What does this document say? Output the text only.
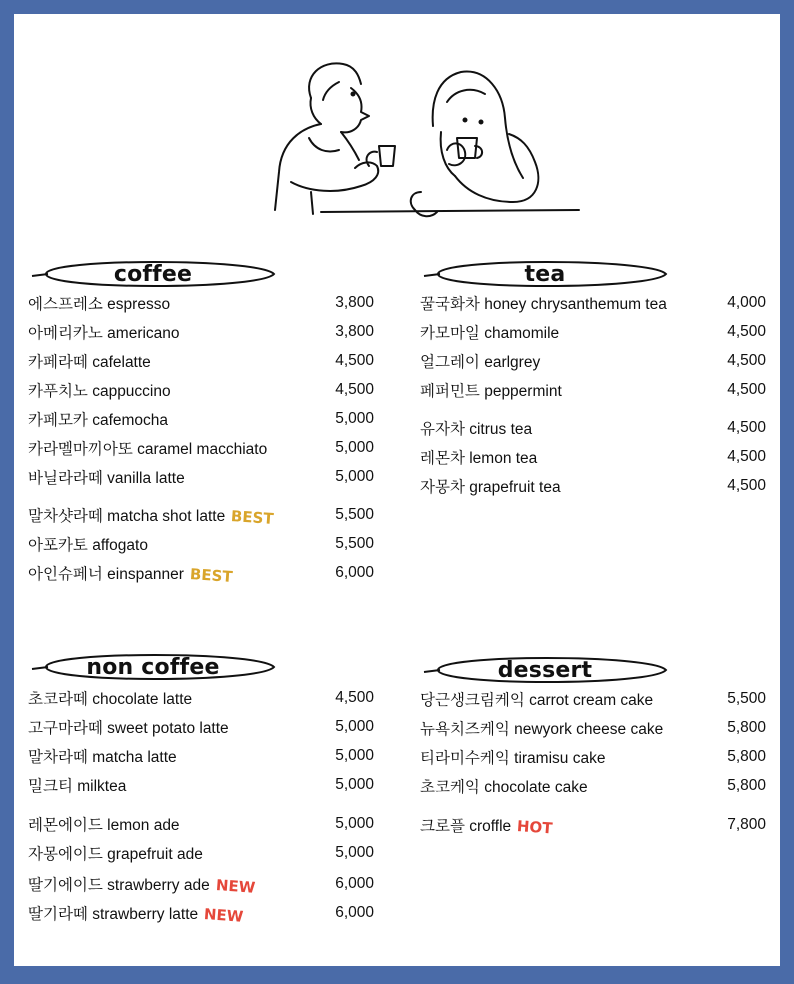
coffee
에스프레소 espresso	3,800
아메리카노 americano	3,800
카페라떼 cafelatte	4,500
카푸치노 cappuccino	4,500
카페모카 cafemocha	5,000
카라멜마끼아또 caramel macchiato	5,000
바닐라라떼 vanilla latte	5,000
말차샷라떼 matcha shot latte BEST	5,500
아포카토 affogato	5,500
아인슈페너 einspanner BEST	6,000
tea
꿀국화차 honey chrysanthemum tea	4,000
카모마일 chamomile	4,500
얼그레이 earlgrey	4,500
페퍼민트 peppermint	4,500
유자차 citrus tea	4,500
레몬차 lemon tea	4,500
자몽차 grapefruit tea	4,500
non coffee
초코라떼 chocolate latte	4,500
고구마라떼 sweet potato latte	5,000
말차라떼 matcha latte	5,000
밀크티 milktea	5,000
레몬에이드 lemon ade	5,000
자몽에이드 grapefruit ade	5,000
딸기에이드 strawberry ade NEW	6,000
딸기라떼 strawberry latte NEW	6,000
dessert
당근생크림케익 carrot cream cake	5,500
뉴욕치즈케익 newyork cheese cake	5,800
티라미수케익 tiramisu cake	5,800
초코케익 chocolate cake	5,800
크로플 croffle HOT	7,800
